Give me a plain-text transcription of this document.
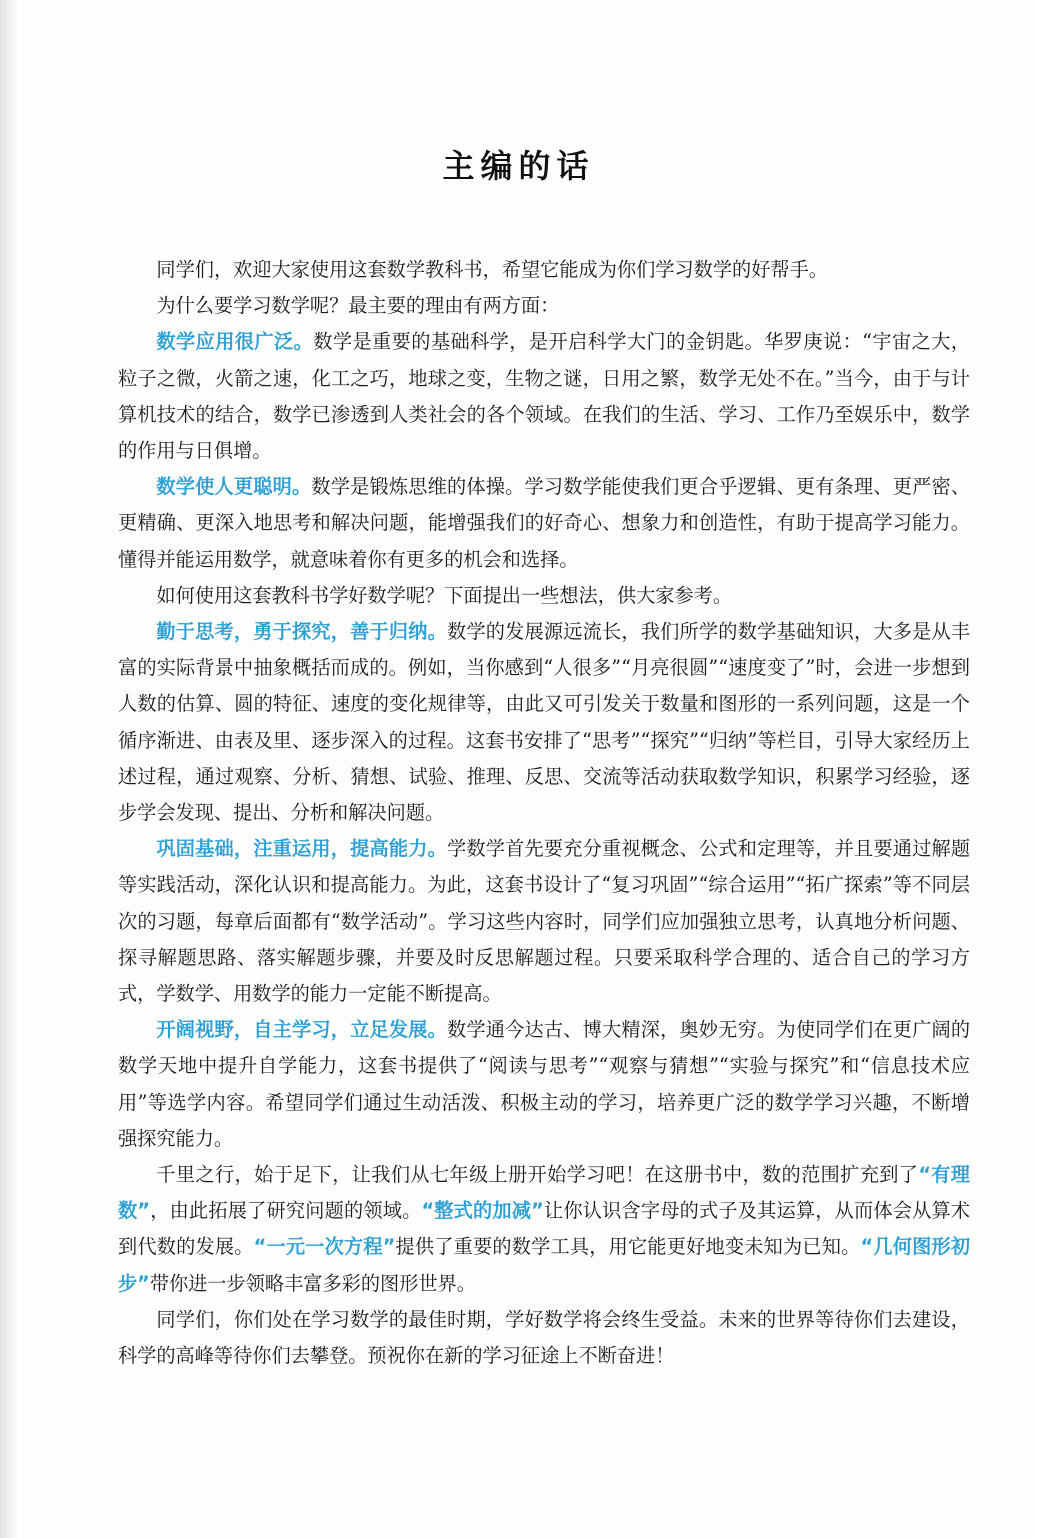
主编的话

同学们，欢迎大家使用这套数学教科书，希望它能成为你们学习数学的好帮手。

为什么要学习数学呢？最主要的理由有两方面：

数学应用很广泛。数学是重要的基础科学，是开启科学大门的金钥匙。华罗庚说：“宇宙之大，粒子之微，火箭之速，化工之巧，地球之变，生物之谜，日用之繁，数学无处不在。”当今，由于与计算机技术的结合，数学已渗透到人类社会的各个领域。在我们的生活、学习、工作乃至娱乐中，数学的作用与日俱增。

数学使人更聪明。数学是锻炼思维的体操。学习数学能使我们更合乎逻辑、更有条理、更严密、更精确、更深入地思考和解决问题，能增强我们的好奇心、想象力和创造性，有助于提高学习能力。懂得并能运用数学，就意味着你有更多的机会和选择。

如何使用这套教科书学好数学呢？下面提出一些想法，供大家参考。

勤于思考，勇于探究，善于归纳。数学的发展源远流长，我们所学的数学基础知识，大多是从丰富的实际背景中抽象概括而成的。例如，当你感到“人很多”“月亮很圆”“速度变了”时，会进一步想到人数的估算、圆的特征、速度的变化规律等，由此又可引发关于数量和图形的一系列问题，这是一个循序渐进、由表及里、逐步深入的过程。这套书安排了“思考”“探究”“归纳”等栏目，引导大家经历上述过程，通过观察、分析、猜想、试验、推理、反思、交流等活动获取数学知识，积累学习经验，逐步学会发现、提出、分析和解决问题。

巩固基础，注重运用，提高能力。学数学首先要充分重视概念、公式和定理等，并且要通过解题等实践活动，深化认识和提高能力。为此，这套书设计了“复习巩固”“综合运用”“拓广探索”等不同层次的习题，每章后面都有“数学活动”。学习这些内容时，同学们应加强独立思考，认真地分析问题、探寻解题思路、落实解题步骤，并要及时反思解题过程。只要采取科学合理的、适合自己的学习方式，学数学、用数学的能力一定能不断提高。

开阔视野，自主学习，立足发展。数学通今达古、博大精深，奥妙无穷。为使同学们在更广阔的数学天地中提升自学能力，这套书提供了“阅读与思考”“观察与猜想”“实验与探究”和“信息技术应用”等选学内容。希望同学们通过生动活泼、积极主动的学习，培养更广泛的数学学习兴趣，不断增强探究能力。

千里之行，始于足下，让我们从七年级上册开始学习吧！在这册书中，数的范围扩充到了“有理数”，由此拓展了研究问题的领域。“整式的加减”让你认识含字母的式子及其运算，从而体会从算术到代数的发展。“一元一次方程”提供了重要的数学工具，用它能更好地变未知为已知。“几何图形初步”带你进一步领略丰富多彩的图形世界。

同学们，你们处在学习数学的最佳时期，学好数学将会终生受益。未来的世界等待你们去建设，科学的高峰等待你们去攀登。预祝你在新的学习征途上不断奋进！
